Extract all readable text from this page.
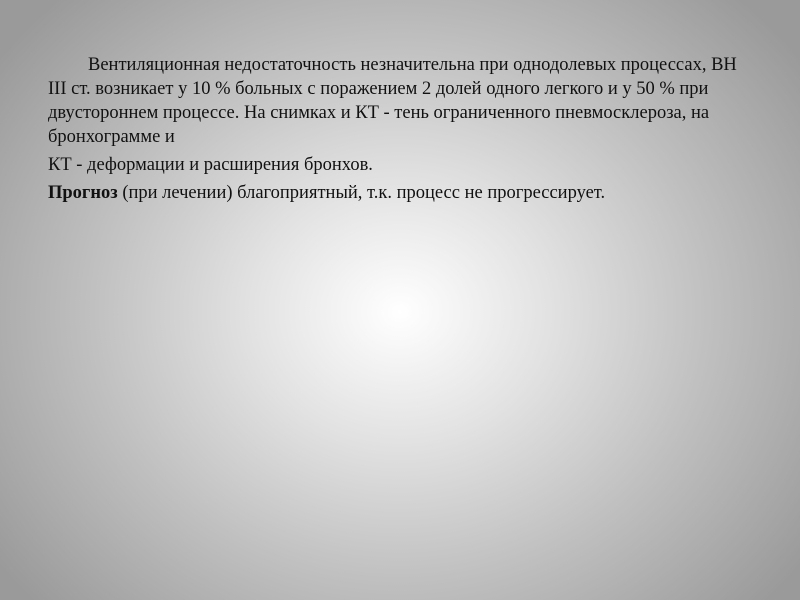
Вентиляционная недостаточность незначительна при однодолевых процессах, ВН III ст. возникает у 10 % больных с поражением 2 долей одного легкого и у 50 % при двустороннем процессе. На снимках и КТ - тень ограниченного пневмосклероза, на бронхограмме и

КТ - деформации и расширения бронхов.

Прогноз (при лечении) благоприятный, т.к. процесс не прогрессирует.
